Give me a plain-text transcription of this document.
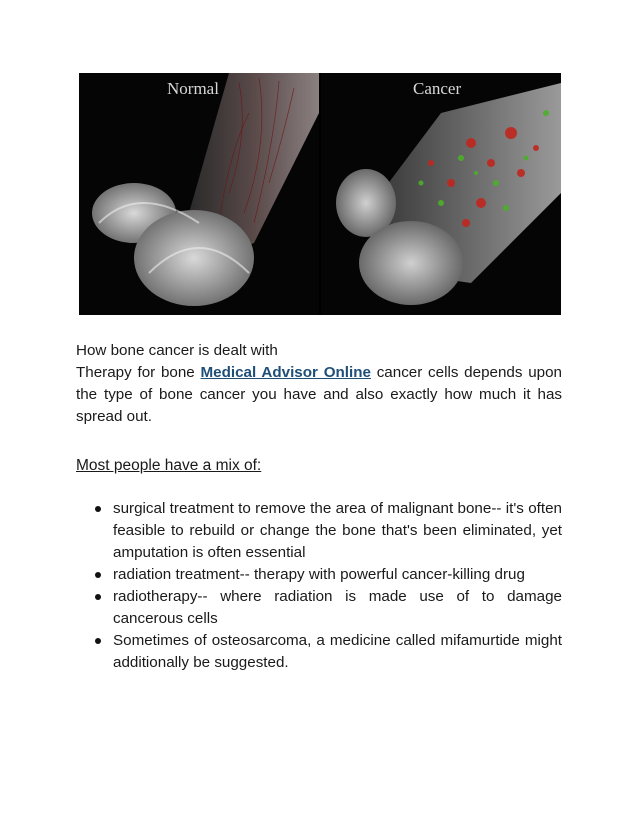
Normal	Cancer
How bone cancer is dealt with
Therapy for bone Medical Advisor Online cancer cells depends upon the type of bone cancer you have and also exactly how much it has spread out.
Most people have a mix of:
surgical treatment to remove the area of malignant bone-- it's often feasible to rebuild or change the bone that's been eliminated, yet amputation is often essential
radiation treatment-- therapy with powerful cancer-killing drug
radiotherapy-- where radiation is made use of to damage cancerous cells
Sometimes of osteosarcoma, a medicine called mifamurtide might additionally be suggested.
